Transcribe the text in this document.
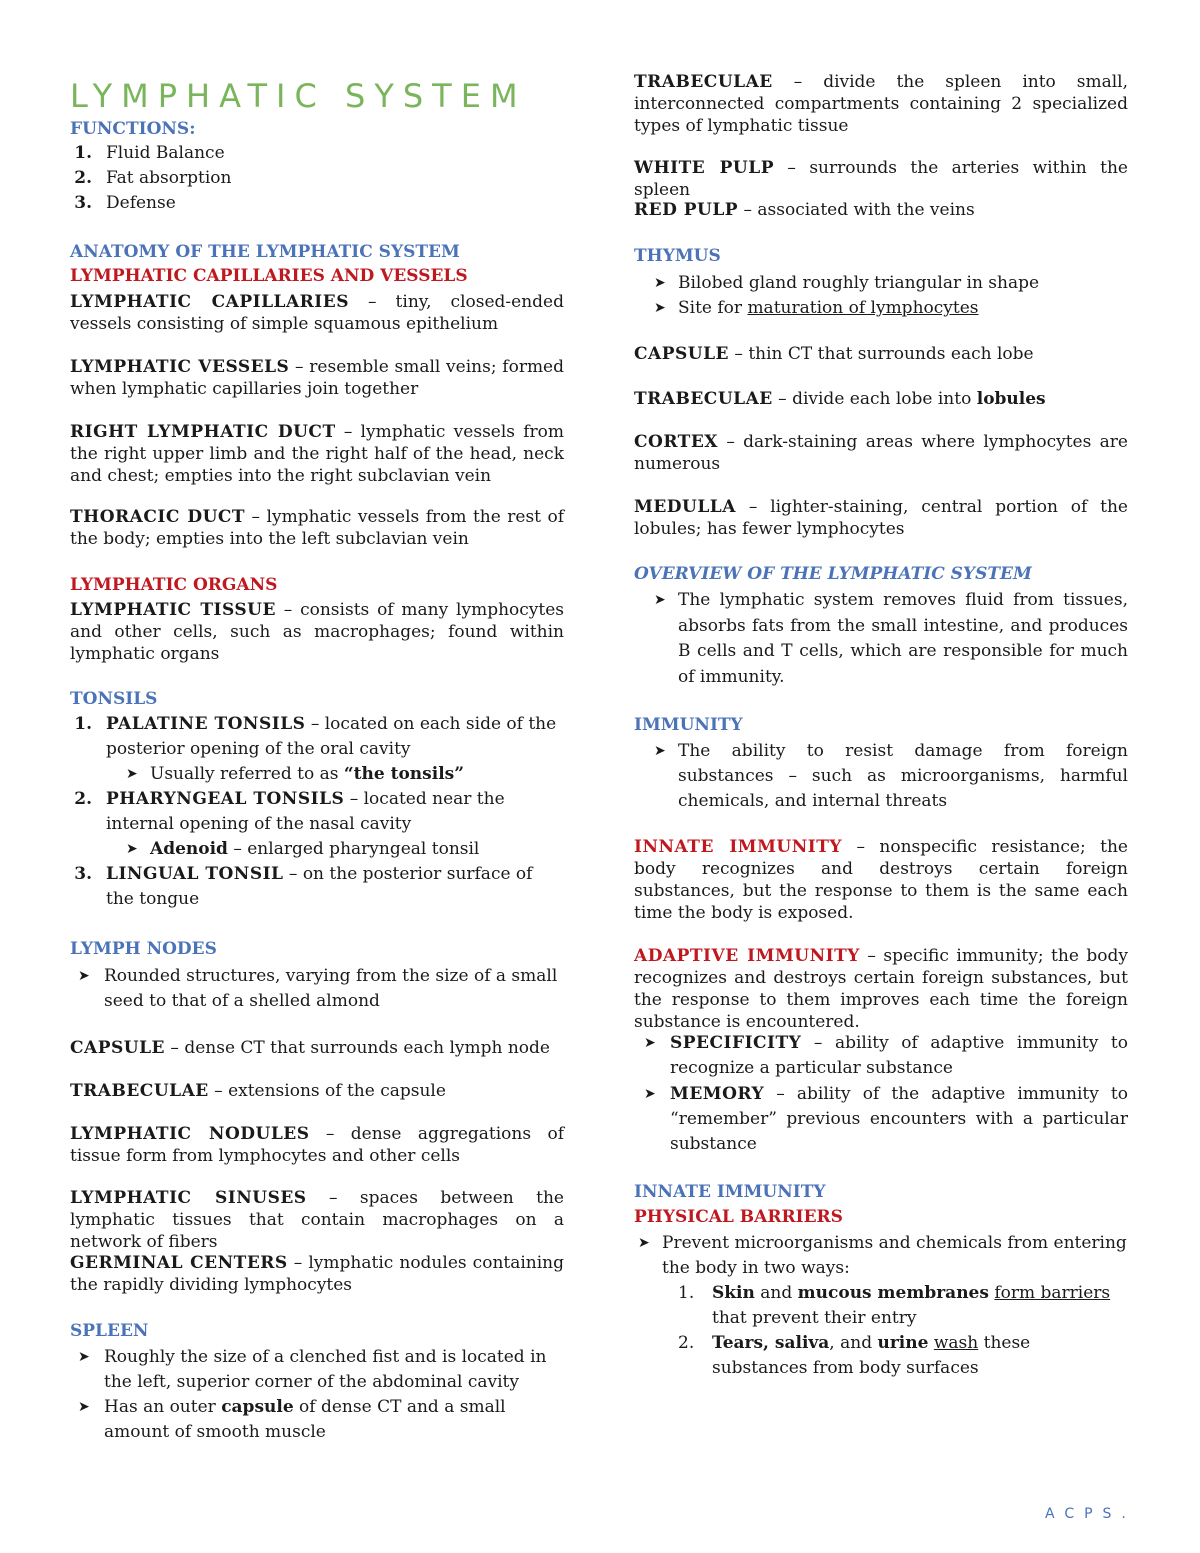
LYMPHATIC SYSTEM
FUNCTIONS:
1. Fluid Balance
2. Fat absorption
3. Defense
ANATOMY OF THE LYMPHATIC SYSTEM
LYMPHATIC CAPILLARIES AND VESSELS
LYMPHATIC CAPILLARIES – tiny, closed-ended vessels consisting of simple squamous epithelium
LYMPHATIC VESSELS – resemble small veins; formed when lymphatic capillaries join together
RIGHT LYMPHATIC DUCT – lymphatic vessels from the right upper limb and the right half of the head, neck and chest; empties into the right subclavian vein
THORACIC DUCT – lymphatic vessels from the rest of the body; empties into the left subclavian vein
LYMPHATIC ORGANS
LYMPHATIC TISSUE – consists of many lymphocytes and other cells, such as macrophages; found within lymphatic organs
TONSILS
1. PALATINE TONSILS – located on each side of the posterior opening of the oral cavity
➤ Usually referred to as “the tonsils”
2. PHARYNGEAL TONSILS – located near the internal opening of the nasal cavity
➤ Adenoid – enlarged pharyngeal tonsil
3. LINGUAL TONSIL – on the posterior surface of the tongue
LYMPH NODES
➤ Rounded structures, varying from the size of a small seed to that of a shelled almond
CAPSULE – dense CT that surrounds each lymph node
TRABECULAE – extensions of the capsule
LYMPHATIC NODULES – dense aggregations of tissue form from lymphocytes and other cells
LYMPHATIC SINUSES – spaces between the lymphatic tissues that contain macrophages on a network of fibers
GERMINAL CENTERS – lymphatic nodules containing the rapidly dividing lymphocytes
SPLEEN
➤ Roughly the size of a clenched fist and is located in the left, superior corner of the abdominal cavity
➤ Has an outer capsule of dense CT and a small amount of smooth muscle
TRABECULAE – divide the spleen into small, interconnected compartments containing 2 specialized types of lymphatic tissue
WHITE PULP – surrounds the arteries within the spleen
RED PULP – associated with the veins
THYMUS
➤ Bilobed gland roughly triangular in shape
➤ Site for maturation of lymphocytes
CAPSULE – thin CT that surrounds each lobe
TRABECULAE – divide each lobe into lobules
CORTEX – dark-staining areas where lymphocytes are numerous
MEDULLA – lighter-staining, central portion of the lobules; has fewer lymphocytes
OVERVIEW OF THE LYMPHATIC SYSTEM
➤ The lymphatic system removes fluid from tissues, absorbs fats from the small intestine, and produces B cells and T cells, which are responsible for much of immunity.
IMMUNITY
➤ The ability to resist damage from foreign substances – such as microorganisms, harmful chemicals, and internal threats
INNATE IMMUNITY – nonspecific resistance; the body recognizes and destroys certain foreign substances, but the response to them is the same each time the body is exposed.
ADAPTIVE IMMUNITY – specific immunity; the body recognizes and destroys certain foreign substances, but the response to them improves each time the foreign substance is encountered.
➤ SPECIFICITY – ability of adaptive immunity to recognize a particular substance
➤ MEMORY – ability of the adaptive immunity to “remember” previous encounters with a particular substance
INNATE IMMUNITY
PHYSICAL BARRIERS
➤ Prevent microorganisms and chemicals from entering the body in two ways:
1. Skin and mucous membranes form barriers that prevent their entry
2. Tears, saliva, and urine wash these substances from body surfaces
ACPS.
